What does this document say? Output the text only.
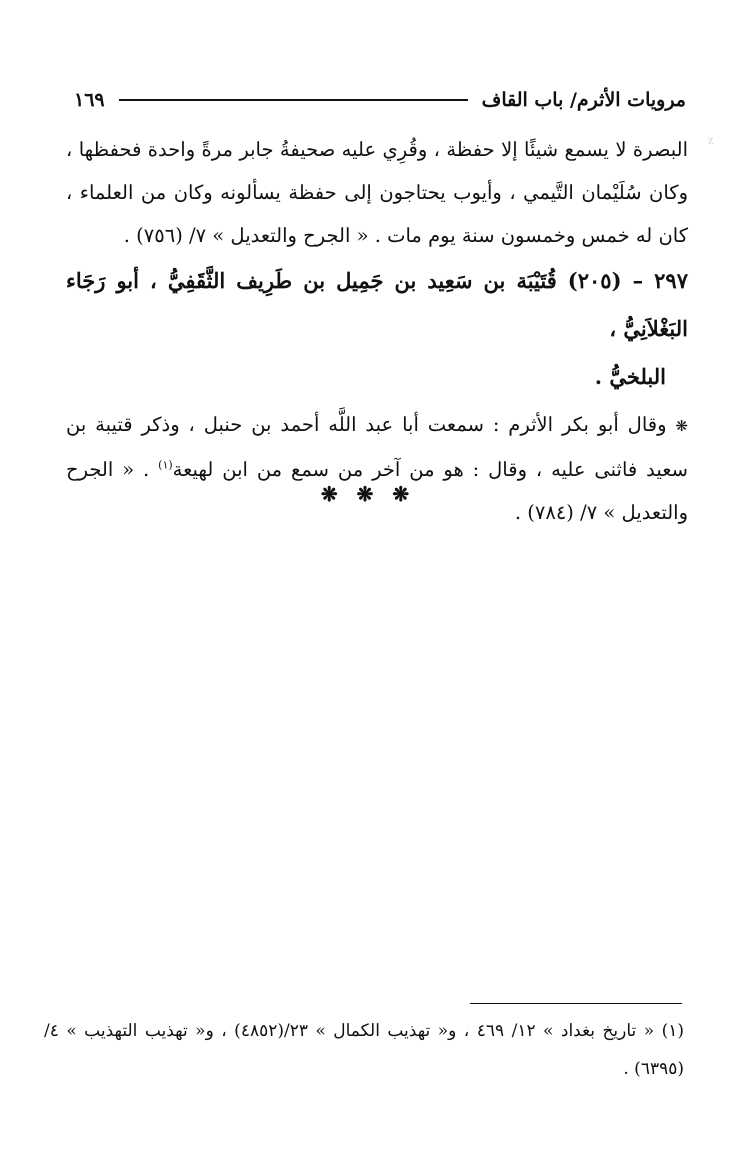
مرويات الأثرم/ باب القاف
١٦٩
٪

البصرة لا يسمع شيئًا إلا حفظة ، وقُرِي عليه صحيفةُ جابر مرةً واحدة فحفظها ، وكان سُلَيْمان التَّيمي ، وأيوب يحتاجون إلى حفظة يسألونه وكان من العلماء ، كان له خمس وخمسون سنة يوم مات . « الجرح والتعديل » ٧/ (٧٥٦) .

٢٩٧ – (٢٠٥) قُتَيْبَة بن سَعِيد بن جَمِيل بن طَرِيف الثَّقَفِيُّ ، أبو رَجَاء البَغْلاَنِيُّ ،
البلخيُّ .

❋ وقال أبو بكر الأثرم : سمعت أبا عبد اللَّه أحمد بن حنبل ، وذكر قتيبة بن سعيد فاثنى عليه ، وقال : هو من آخر من سمع من ابن لهيعة$^{(١)}$ . « الجرح والتعديل » ٧/ (٧٨٤) .

❋ ❋ ❋
(١) « تاريخ بغداد » ١٢/ ٤٦٩ ، و« تهذيب الكمال » ٢٣/(٤٨٥٢) ، و« تهذيب التهذيب » ٤/ (٦٣٩٥) .
